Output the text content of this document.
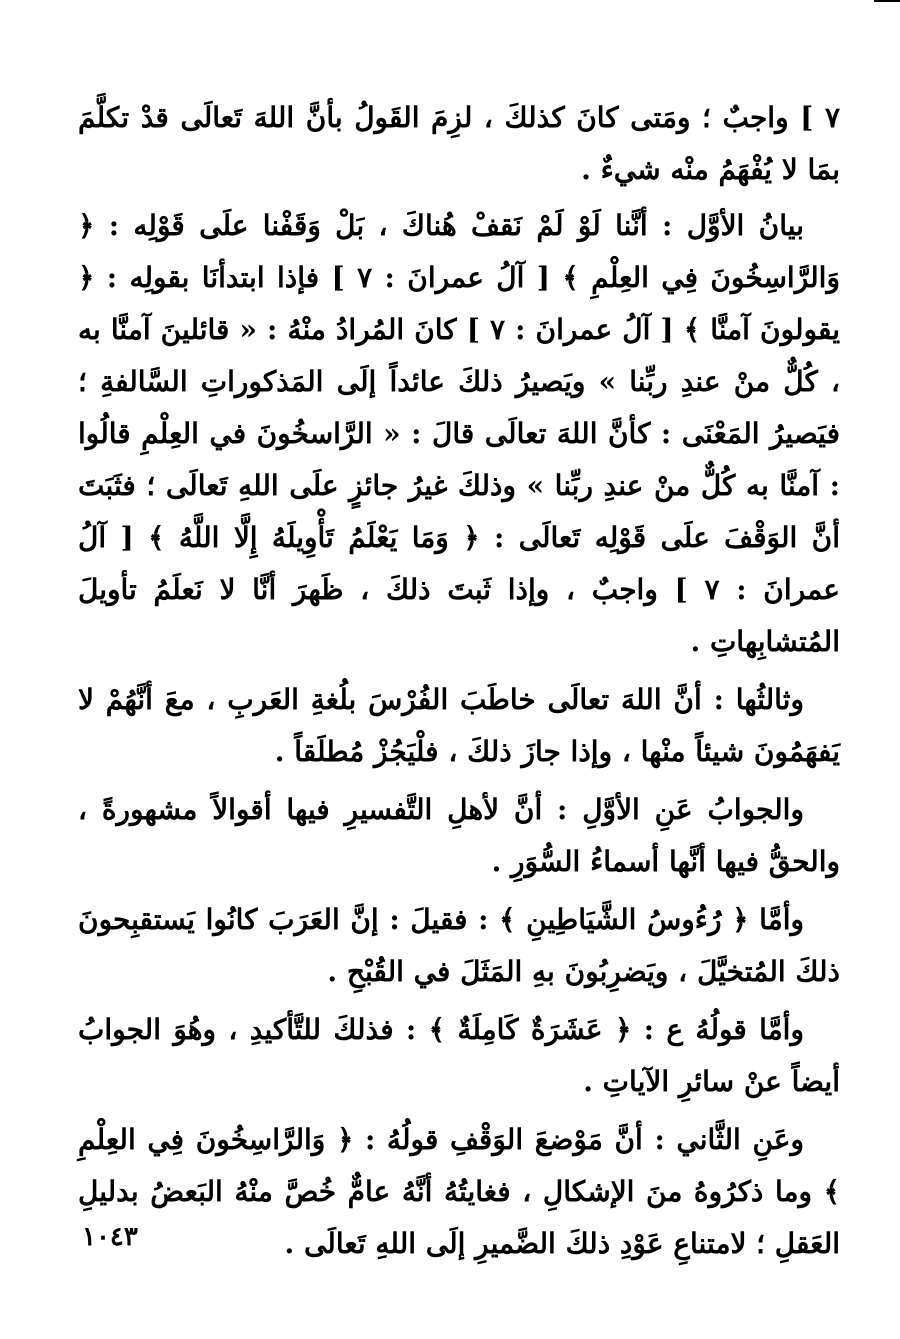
٧ ] واجبٌ ؛ ومَتى كانَ كذلكَ ، لزِمَ القَولُ بأنَّ اللهَ تَعالَى قدْ تكلَّمَ بمَا لا يُفْهَمُ منْه شيءٌ .

بيانُ الأوَّل : أنَّنا لَوْ لَمْ نَقفْ هُناكَ ، بَلْ وَقَفْنا علَى قَوْلِه : ﴿ وَالرَّاسِخُونَ فِي العِلْمِ ﴾ [ آلُ عمرانَ : ٧ ] فإذا ابتدأنَا بقولِه : ﴿ يقولونَ آمنَّا ﴾ [ آلُ عمرانَ : ٧ ] كانَ المُرادُ منْهُ : « قائلينَ آمنَّا به ، كُلٌّ منْ عندِ ربِّنا » ويَصيرُ ذلكَ عائداً إلَى المَذكوراتِ السَّالفةِ ؛ فيَصيرُ المَعْنَى : كأنَّ اللهَ تعالَى قالَ : « الرَّاسخُونَ في العِلْمِ قالُوا : آمنَّا به كُلٌّ منْ عندِ ربِّنا » وذلكَ غيرُ جائزٍ علَى اللهِ تَعالَى ؛ فثَبَتَ أنَّ الوَقْفَ علَى قَوْلِه تَعالَى : ﴿ وَمَا يَعْلَمُ تَأْوِيلَهُ إِلَّا اللَّهُ ﴾ [ آلُ عمرانَ : ٧ ] واجبٌ ، وإذا ثَبتَ ذلكَ ، ظَهرَ أنَّا لا نَعلَمُ تأويلَ المُتشابِهاتِ .

وثالثُها : أنَّ اللهَ تعالَى خاطَبَ الفُرْسَ بلُغةِ العَربِ ، معَ أنَّهُمْ لا يَفهَمُونَ شيئاً منْها ، وإذا جازَ ذلكَ ، فلْيَجُزْ مُطلَقاً .

والجوابُ عَنِ الأوَّلِ : أنَّ لأهلِ التَّفسيرِ فيها أقوالاً مشهورةً ، والحقُّ فيها أنَّها أسماءُ السُّوَرِ .

وأمَّا ﴿ رُءُوسُ الشَّيَاطِينِ ﴾ : فقيلَ : إنَّ العَرَبَ كانُوا يَستقبِحونَ ذلكَ المُتخيَّلَ ، ويَضرِبُونَ بهِ المَثَلَ في القُبْحِ .

وأمَّا قولُهُ ع : ﴿ عَشَرَةٌ كَامِلَةٌ ﴾ : فذلكَ للتَّأكيدِ ، وهُوَ الجوابُ أيضاً عنْ سائرِ الآياتِ .

وعَنِ الثَّاني : أنَّ مَوْضعَ الوَقْفِ قولُهُ : ﴿ وَالرَّاسِخُونَ فِي العِلْمِ ﴾ وما ذكرُوهُ منَ الإشكالِ ، فغايتُهُ أنَّهُ عامٌّ خُصَّ منْهُ البَعضُ بدليلِ العَقلِ ؛ لامتناعِ عَوْدِ ذلكَ الضَّميرِ إلَى اللهِ تَعالَى .

١٠٤٣
